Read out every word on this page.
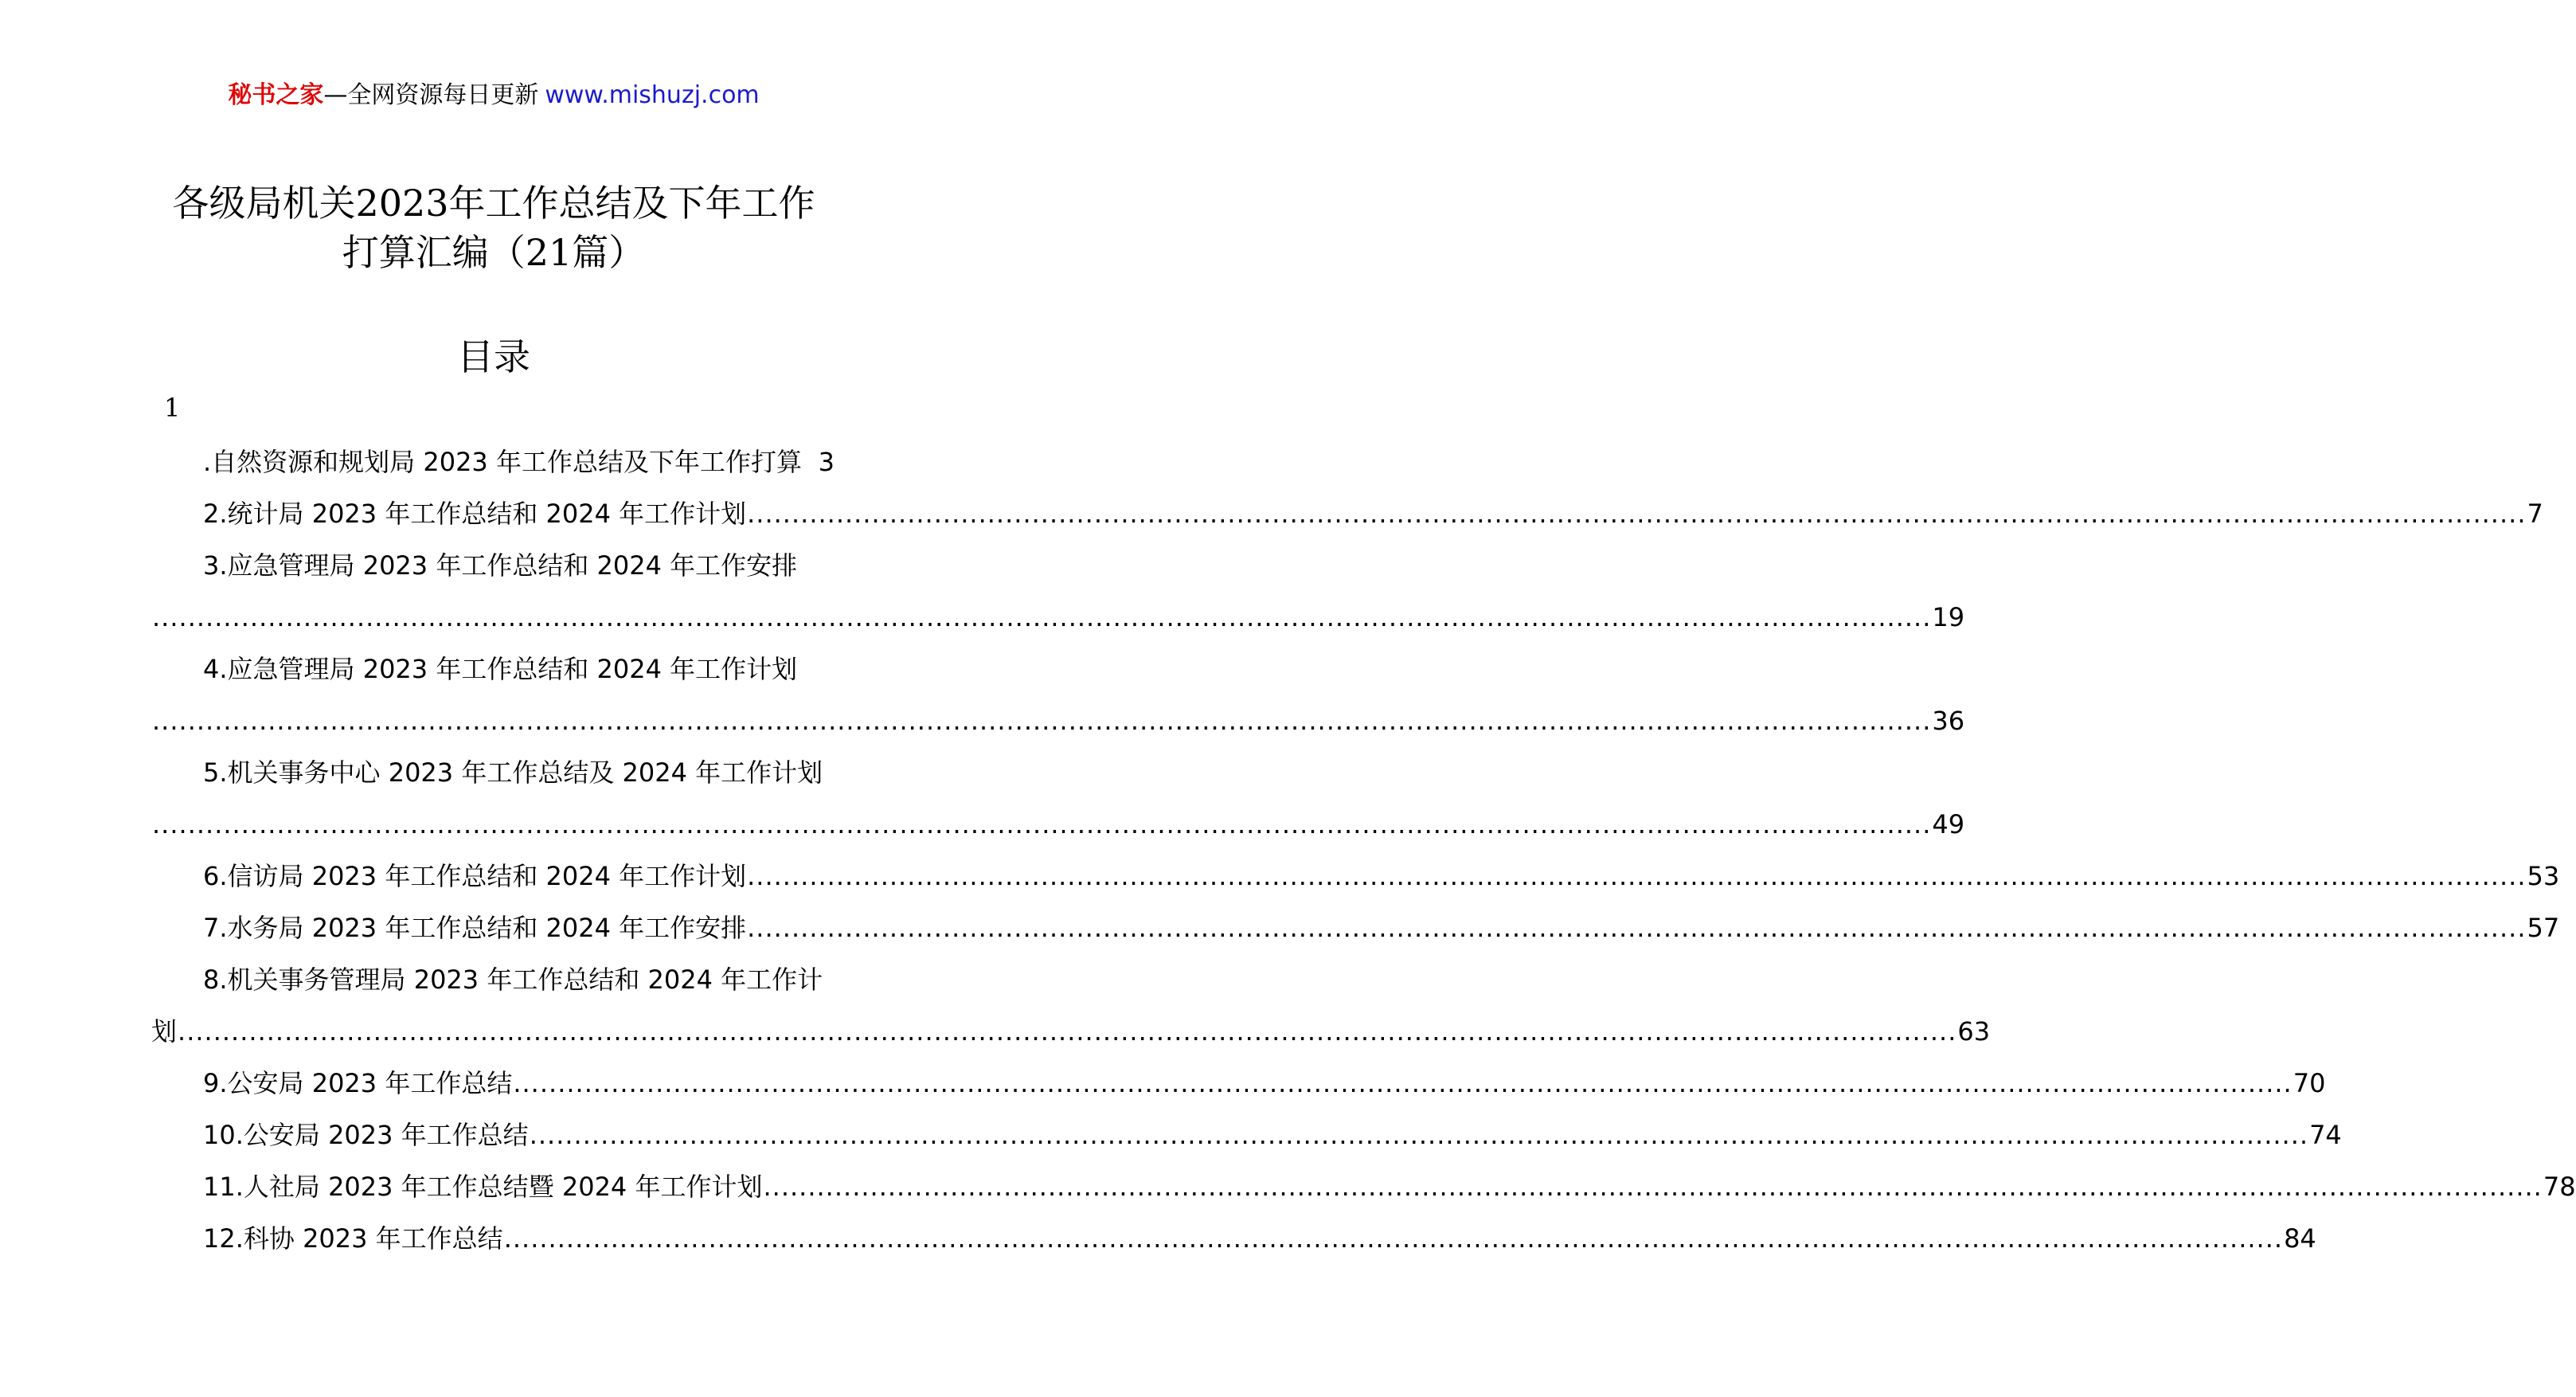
秘书之家—全网资源每日更新 www.mishuzj.com
各级局机关2023年工作总结及下年工作
打算汇编（21篇）
目录
1
.自然资源和规划局 2023 年工作总结及下年工作打算 3
2.统计局 2023 年工作总结和 2024 年工作计划 ........................................................................................................................................................................................................ 7
3.应急管理局 2023 年工作总结和 2024 年工作安排
........................................................................................................................................................................................................ 19
4.应急管理局 2023 年工作总结和 2024 年工作计划
........................................................................................................................................................................................................ 36
5.机关事务中心 2023 年工作总结及 2024 年工作计划
........................................................................................................................................................................................................ 49
6.信访局 2023 年工作总结和 2024 年工作计划 ........................................................................................................................................................................................................ 53
7.水务局 2023 年工作总结和 2024 年工作安排 ........................................................................................................................................................................................................ 57
8.机关事务管理局 2023 年工作总结和 2024 年工作计
划 ........................................................................................................................................................................................................ 63
9.公安局 2023 年工作总结 ........................................................................................................................................................................................................ 70
10.公安局 2023 年工作总结 ........................................................................................................................................................................................................ 74
11.人社局 2023 年工作总结暨 2024 年工作计划 ........................................................................................................................................................................................................ 78
12.科协 2023 年工作总结 ........................................................................................................................................................................................................ 84
